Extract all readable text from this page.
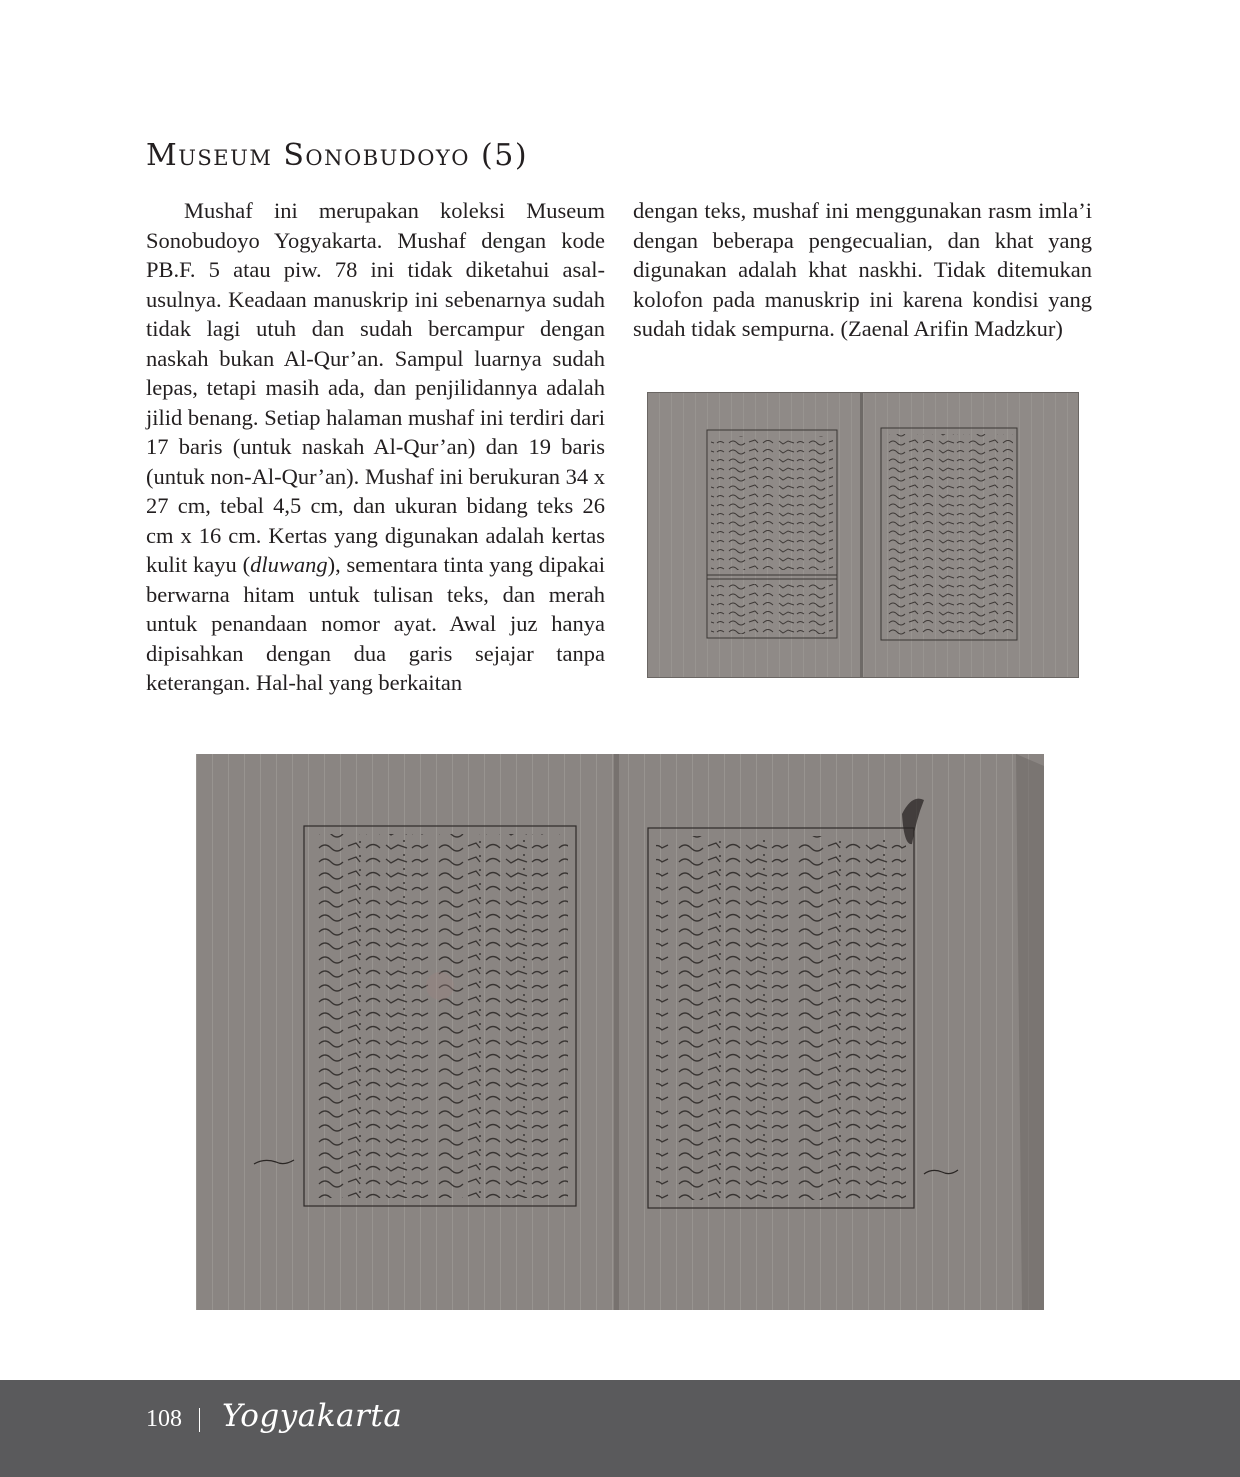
Museum Sonobudoyo (5)

Mushaf ini merupakan koleksi Museum Sonobudoyo Yogyakarta. Mushaf dengan kode PB.F. 5 atau piw. 78 ini tidak diketahui asal-usulnya. Keadaan manuskrip ini sebenarnya sudah tidak lagi utuh dan sudah bercampur dengan naskah bukan Al-Qur’an. Sampul luarnya sudah lepas, tetapi masih ada, dan penjilidannya adalah jilid benang. Setiap halaman mushaf ini terdiri dari 17 baris (untuk naskah Al-Qur’an) dan 19 baris (untuk non-Al-Qur’an). Mushaf ini berukuran 34 x 27 cm, tebal 4,5 cm, dan ukuran bidang teks 26 cm x 16 cm. Kertas yang digunakan adalah kertas kulit kayu (dluwang), sementara tinta yang dipakai berwarna hitam untuk tulisan teks, dan merah untuk penandaan nomor ayat. Awal juz hanya dipisahkan dengan dua garis sejajar tanpa keterangan. Hal-hal yang berkaitan

dengan teks, mushaf ini menggunakan rasm imla’i dengan beberapa pengecualian, dan khat yang digunakan adalah khat naskhi. Tidak ditemukan kolofon pada manuskrip ini karena kondisi yang sudah tidak sempurna. (Zaenal Arifin Madzkur)

108 Yogyakarta
